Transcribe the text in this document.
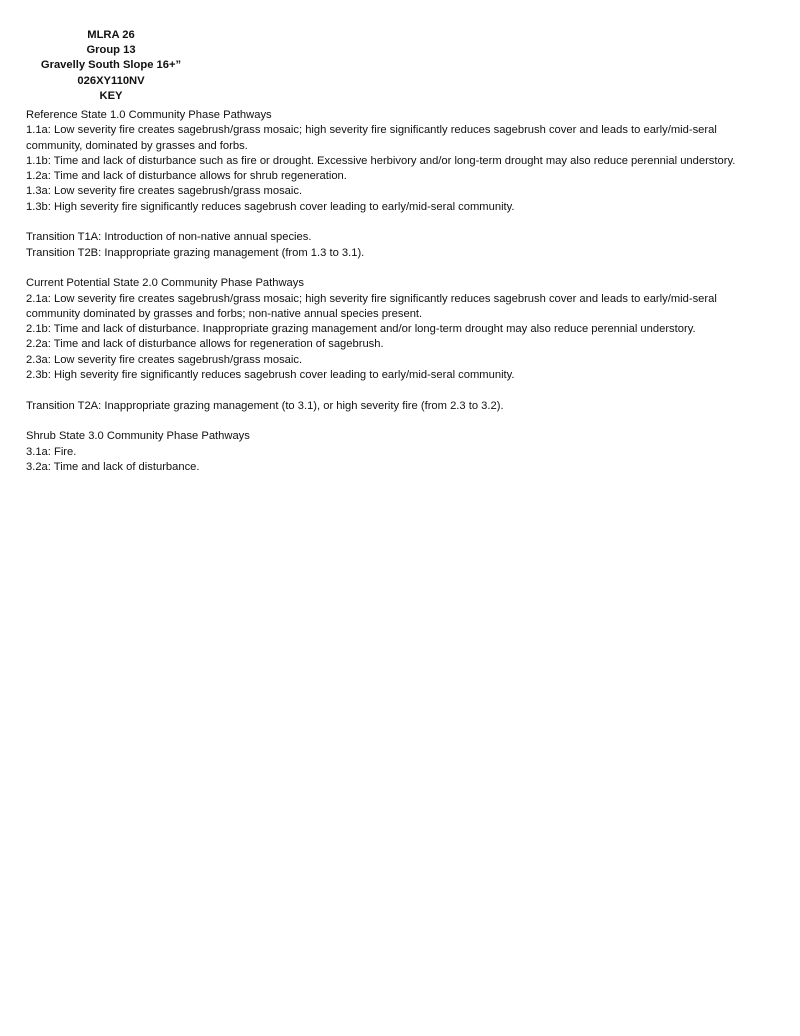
MLRA 26
Group 13
Gravelly South Slope 16+”
026XY110NV
KEY

Reference State 1.0 Community Phase Pathways

1.1a: Low severity fire creates sagebrush/grass mosaic; high severity fire significantly reduces sagebrush cover and leads to early/mid-seral community, dominated by grasses and forbs.

1.1b: Time and lack of disturbance such as fire or drought. Excessive herbivory and/or long-term drought may also reduce perennial understory.

1.2a: Time and lack of disturbance allows for shrub regeneration.

1.3a: Low severity fire creates sagebrush/grass mosaic.

1.3b: High severity fire significantly reduces sagebrush cover leading to early/mid-seral community.

Transition T1A: Introduction of non-native annual species.

Transition T2B: Inappropriate grazing management (from 1.3 to 3.1).

Current Potential State 2.0 Community Phase Pathways

2.1a: Low severity fire creates sagebrush/grass mosaic; high severity fire significantly reduces sagebrush cover and leads to early/mid-seral community dominated by grasses and forbs; non-native annual species present.

2.1b: Time and lack of disturbance. Inappropriate grazing management and/or long-term drought may also reduce perennial understory.

2.2a: Time and lack of disturbance allows for regeneration of sagebrush.

2.3a: Low severity fire creates sagebrush/grass mosaic.

2.3b: High severity fire significantly reduces sagebrush cover leading to early/mid-seral community.

Transition T2A: Inappropriate grazing management (to 3.1), or high severity fire (from 2.3 to 3.2).

Shrub State 3.0 Community Phase Pathways

3.1a: Fire.

3.2a: Time and lack of disturbance.
